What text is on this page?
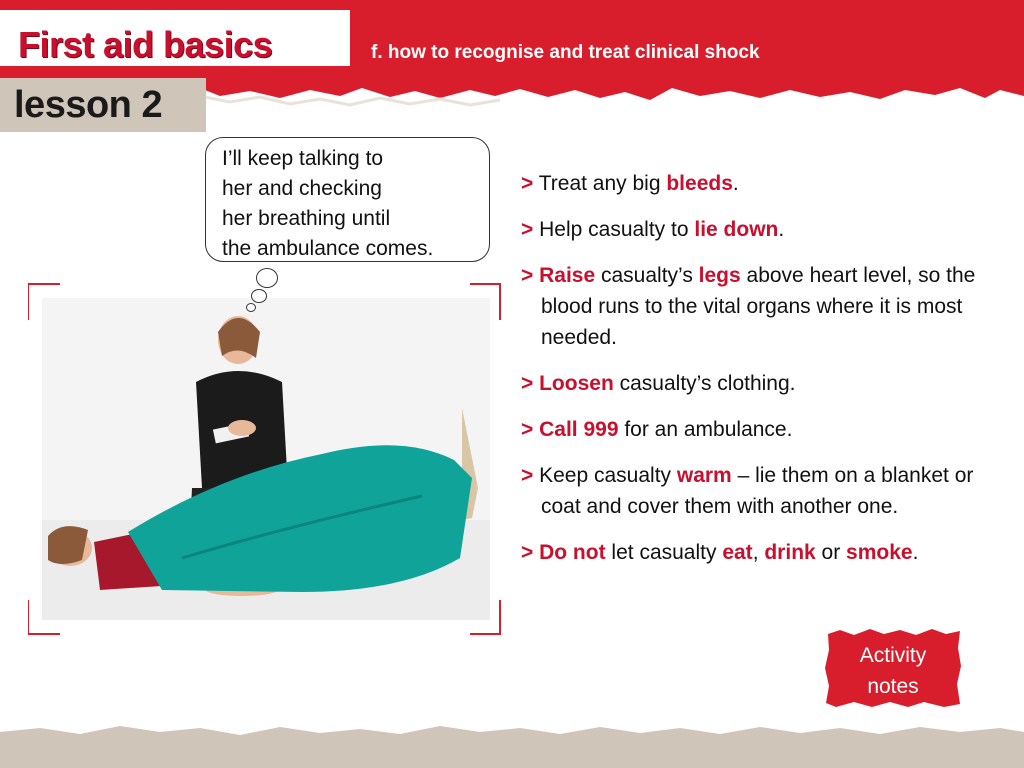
First aid basics	f. how to recognise and treat clinical shock
lesson 2
I’ll keep talking to
her and checking
her breathing until
the ambulance comes.
> Treat any big bleeds.
> Help casualty to lie down.
> Raise casualty’s legs above heart level, so the blood runs to the vital organs where it is most needed.
> Loosen casualty’s clothing.
> Call 999 for an ambulance.
> Keep casualty warm – lie them on a blanket or coat and cover them with another one.
> Do not let casualty eat, drink or smoke.
Activity
notes
